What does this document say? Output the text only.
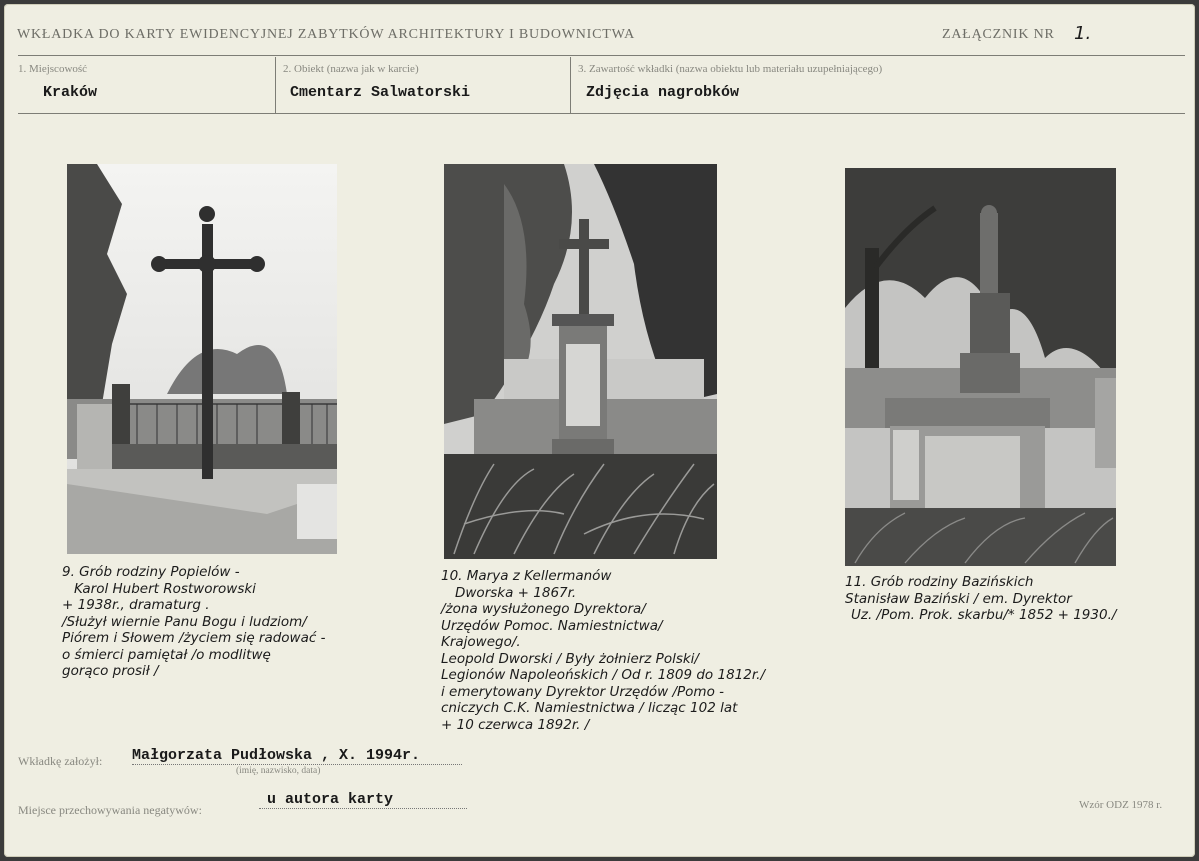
WKŁADKA DO KARTY EWIDENCYJNEJ ZABYTKÓW ARCHITEKTURY I BUDOWNICTWA	ZAŁĄCZNIK NR 1.
1. Miejscowość
Kraków
2. Obiekt (nazwa jak w karcie)
Cmentarz Salwatorski
3. Zawartość wkładki (nazwa obiektu lub materiału uzupełniającego)
Zdjęcia nagrobków
9. Grób rodziny Popielów -
Karol Hubert Rostworowski
+ 1938r., dramaturg .
/Służył wiernie Panu Bogu i ludziom/
Piórem i Słowem /życiem się radować -
o śmierci pamiętał /o modlitwę
gorąco prosił /
10. Marya z Kellermanów
Dworska + 1867r.
/żona wysłużonego Dyrektora/
Urzędów Pomoc. Namiestnictwa/
Krajowego/.
Leopold Dworski / Były żołnierz Polski/
Legionów Napoleońskich / Od r. 1809 do 1812r./
i emerytowany Dyrektor Urzędów /Pomo -
cniczych C.K. Namiestnictwa / licząc 102 lat
+ 10 czerwca 1892r. /
11. Grób rodziny Bazińskich
Stanisław Baziński / em. Dyrektor
Uz. /Pom. Prok. skarbu/* 1852 + 1930./
Wkładkę założył: Małgorzata Pudłowska , X. 1994r.
(imię, nazwisko, data)
Miejsce przechowywania negatywów:
u autora karty	Wzór ODZ 1978 r.
